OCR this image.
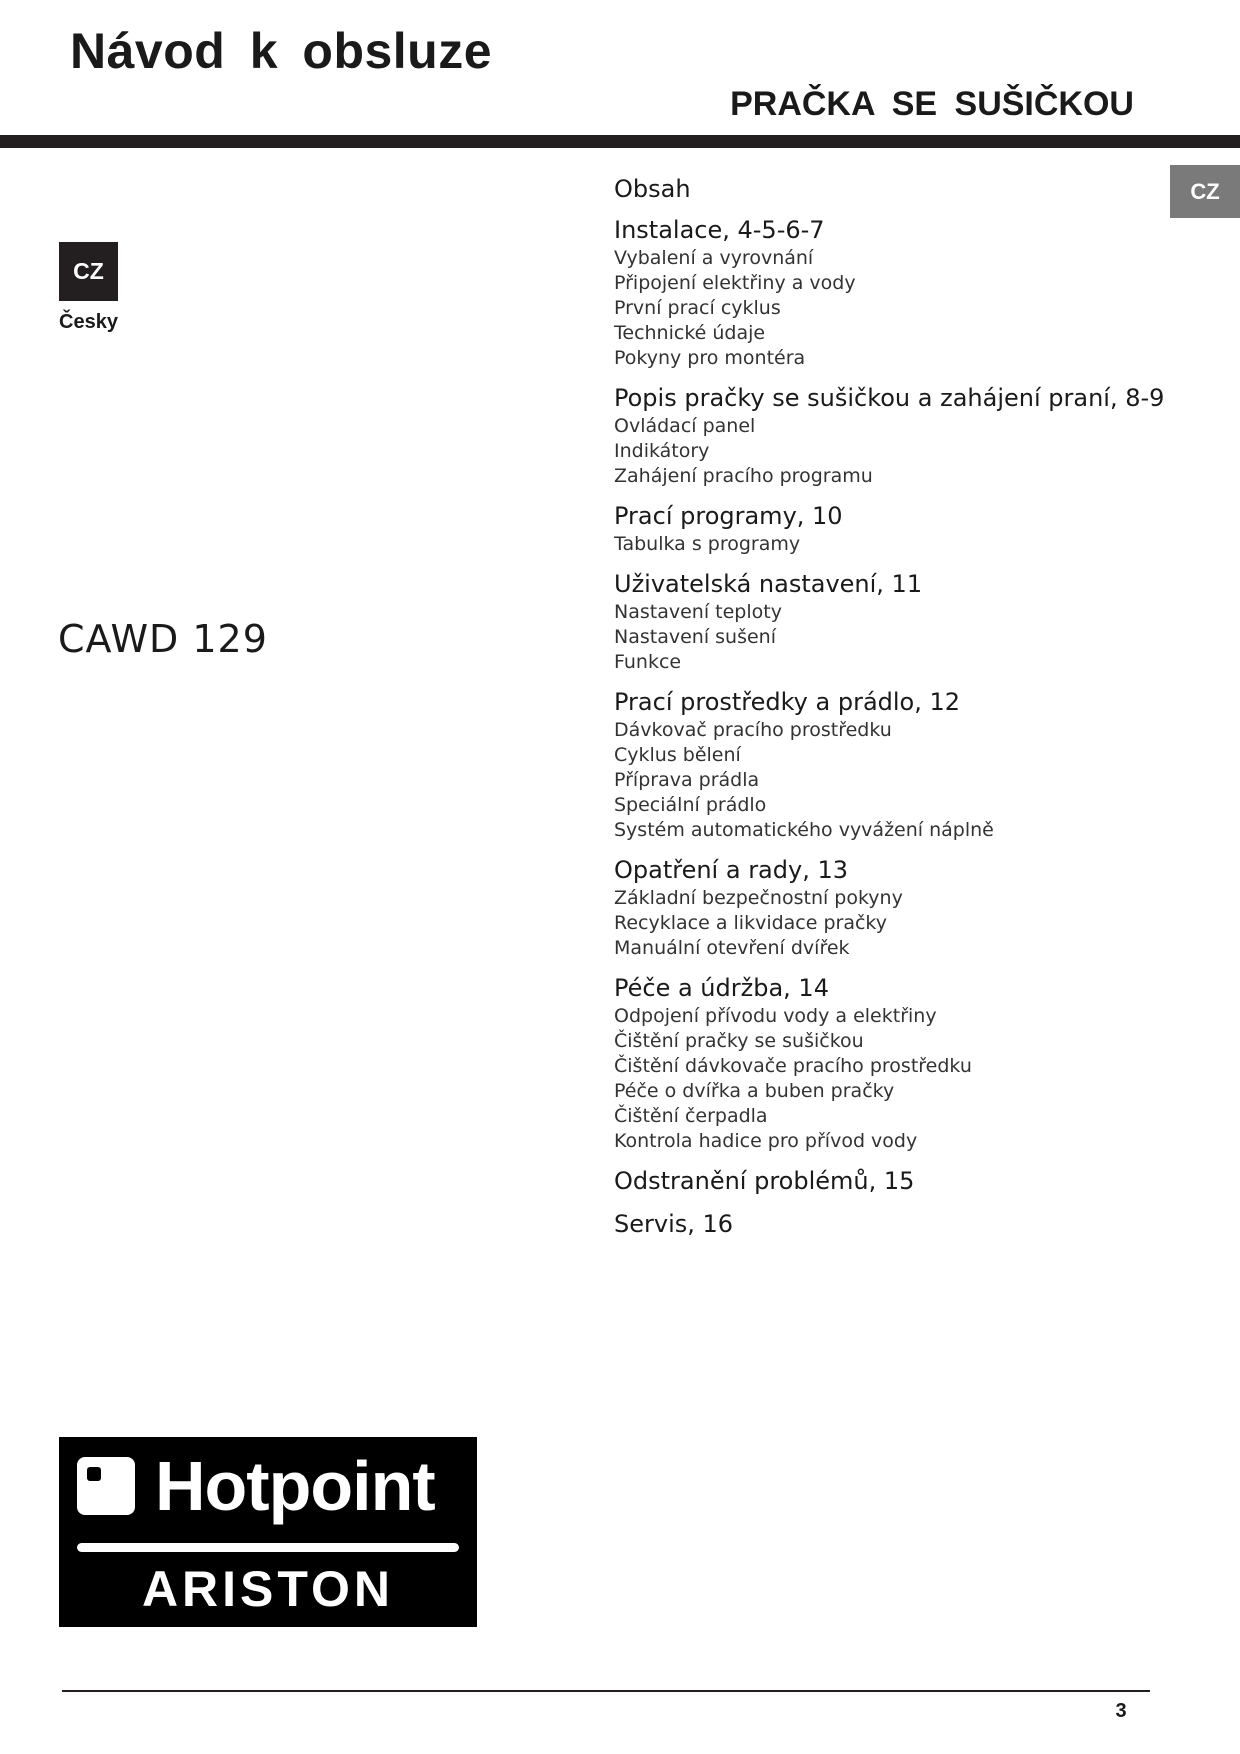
Návod k obsluze
PRAČKA SE SUŠIČKOU
CZ
CZ
Česky
CAWD 129
Obsah
Instalace, 4-5-6-7
Vybalení a vyrovnání
Připojení elektřiny a vody
První prací cyklus
Technické údaje
Pokyny pro montéra
Popis pračky se sušičkou a zahájení praní, 8-9
Ovládací panel
Indikátory
Zahájení pracího programu
Prací programy, 10
Tabulka s programy
Uživatelská nastavení, 11
Nastavení teploty
Nastavení sušení
Funkce
Prací prostředky a prádlo, 12
Dávkovač pracího prostředku
Cyklus bělení
Příprava prádla
Speciální prádlo
Systém automatického vyvážení náplně
Opatření a rady, 13
Základní bezpečnostní pokyny
Recyklace a likvidace pračky
Manuální otevření dvířek
Péče a údržba, 14
Odpojení přívodu vody a elektřiny
Čištění pračky se sušičkou
Čištění dávkovače pracího prostředku
Péče o dvířka a buben pračky
Čištění čerpadla
Kontrola hadice pro přívod vody
Odstranění problémů, 15
Servis, 16
Hotpoint
ARISTON
3
